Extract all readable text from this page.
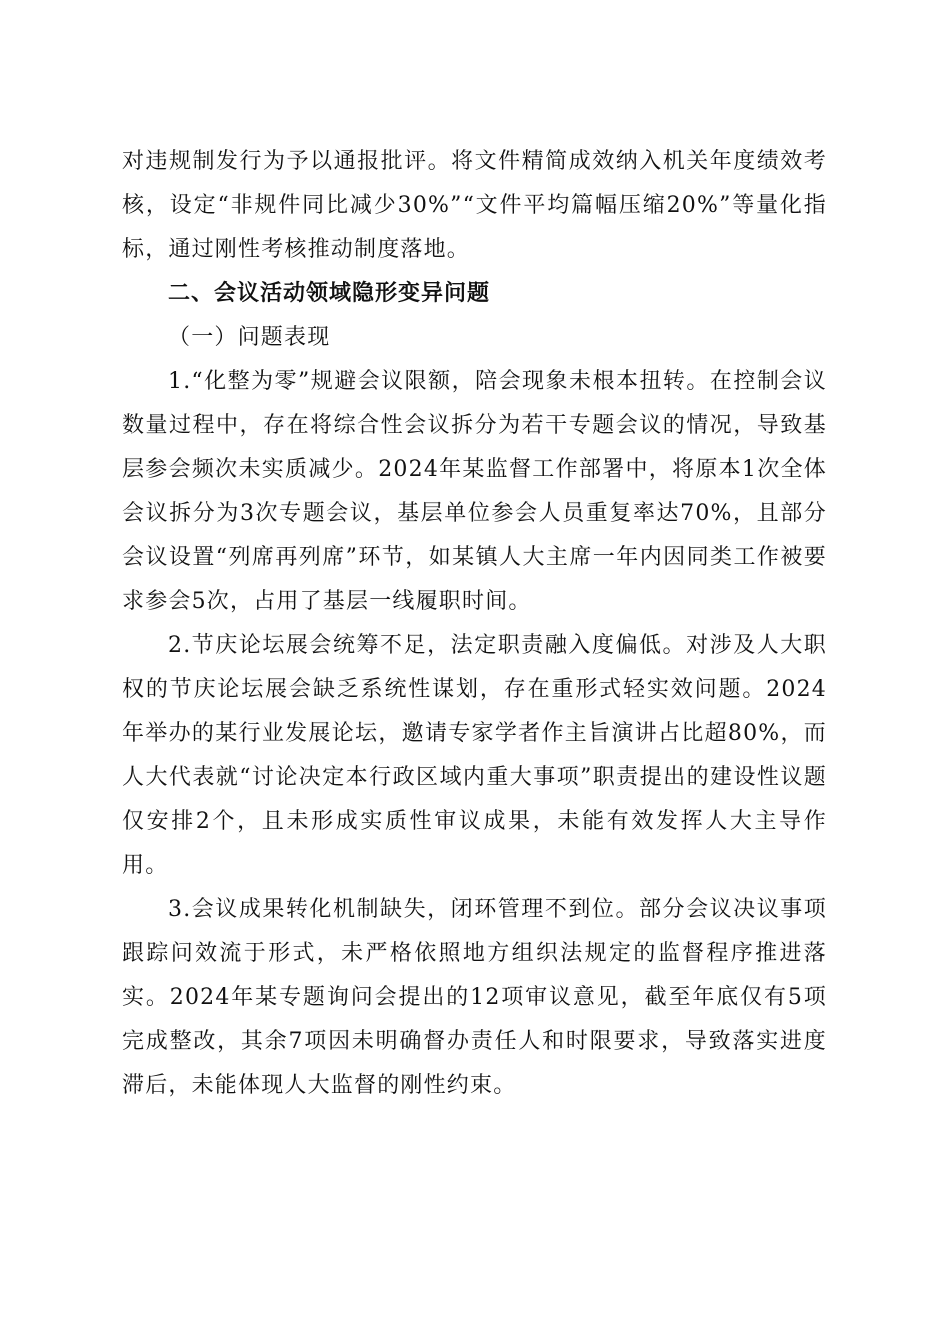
对违规制发行为予以通报批评。将文件精简成效纳入机关年度绩效考核，设定“非规件同比减少30%”“文件平均篇幅压缩20%”等量化指标，通过刚性考核推动制度落地。

二、会议活动领域隐形变异问题

（一）问题表现

1.“化整为零”规避会议限额，陪会现象未根本扭转。在控制会议数量过程中，存在将综合性会议拆分为若干专题会议的情况，导致基层参会频次未实质减少。2024年某监督工作部署中，将原本1次全体会议拆分为3次专题会议，基层单位参会人员重复率达70%，且部分会议设置“列席再列席”环节，如某镇人大主席一年内因同类工作被要求参会5次，占用了基层一线履职时间。

2.节庆论坛展会统筹不足，法定职责融入度偏低。对涉及人大职权的节庆论坛展会缺乏系统性谋划，存在重形式轻实效问题。2024年举办的某行业发展论坛，邀请专家学者作主旨演讲占比超80%，而人大代表就“讨论决定本行政区域内重大事项”职责提出的建设性议题仅安排2个，且未形成实质性审议成果，未能有效发挥人大主导作用。

3.会议成果转化机制缺失，闭环管理不到位。部分会议决议事项跟踪问效流于形式，未严格依照地方组织法规定的监督程序推进落实。2024年某专题询问会提出的12项审议意见，截至年底仅有5项完成整改，其余7项因未明确督办责任人和时限要求，导致落实进度滞后，未能体现人大监督的刚性约束。
